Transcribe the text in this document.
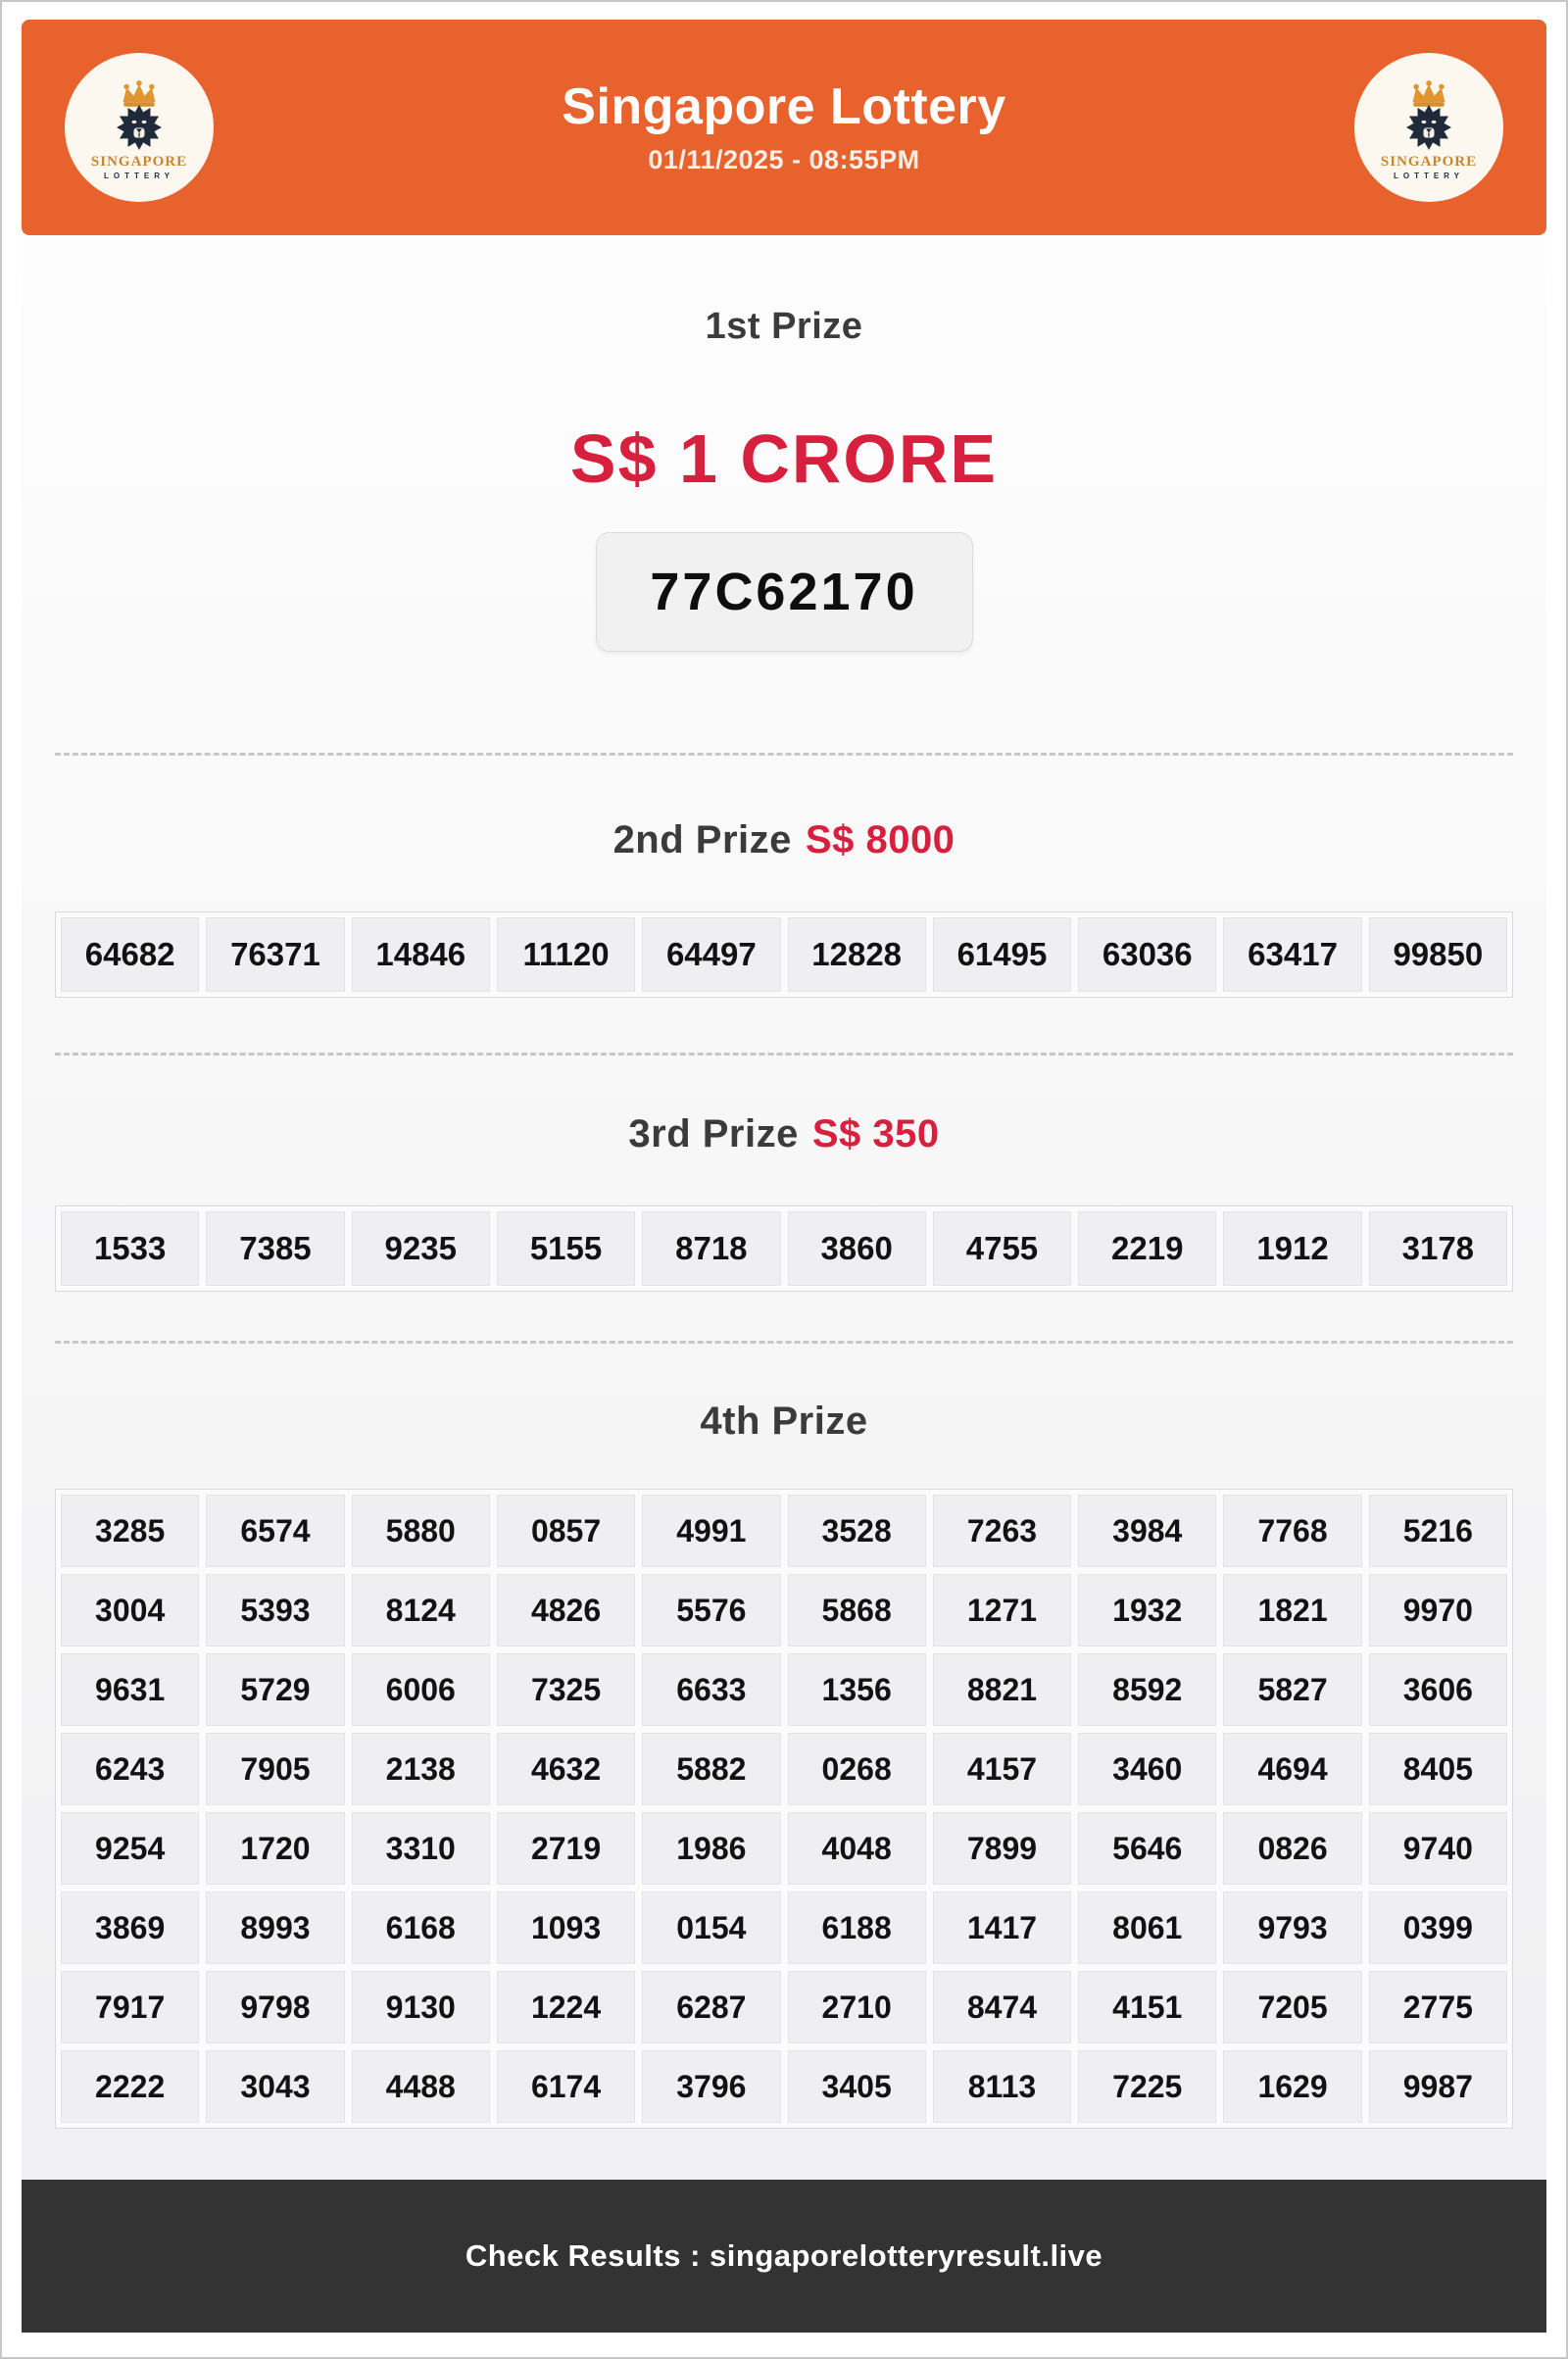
SINGAPORE
LOTTERY
Singapore Lottery
01/11/2025 - 08:55PM	SINGAPORE
LOTTERY
1st Prize
S$ 1 CRORE
77C62170
2nd Prize S$ 8000
64682	76371	14846	11120	64497	12828	61495	63036	63417	99850
3rd Prize S$ 350
1533	7385	9235	5155	8718	3860	4755	2219	1912	3178
4th Prize
3285	6574	5880	0857	4991	3528	7263	3984	7768	5216
3004	5393	8124	4826	5576	5868	1271	1932	1821	9970
9631	5729	6006	7325	6633	1356	8821	8592	5827	3606
6243	7905	2138	4632	5882	0268	4157	3460	4694	8405
9254	1720	3310	2719	1986	4048	7899	5646	0826	9740
3869	8993	6168	1093	0154	6188	1417	8061	9793	0399
7917	9798	9130	1224	6287	2710	8474	4151	7205	2775
2222	3043	4488	6174	3796	3405	8113	7225	1629	9987
Check Results : singaporelotteryresult.live
